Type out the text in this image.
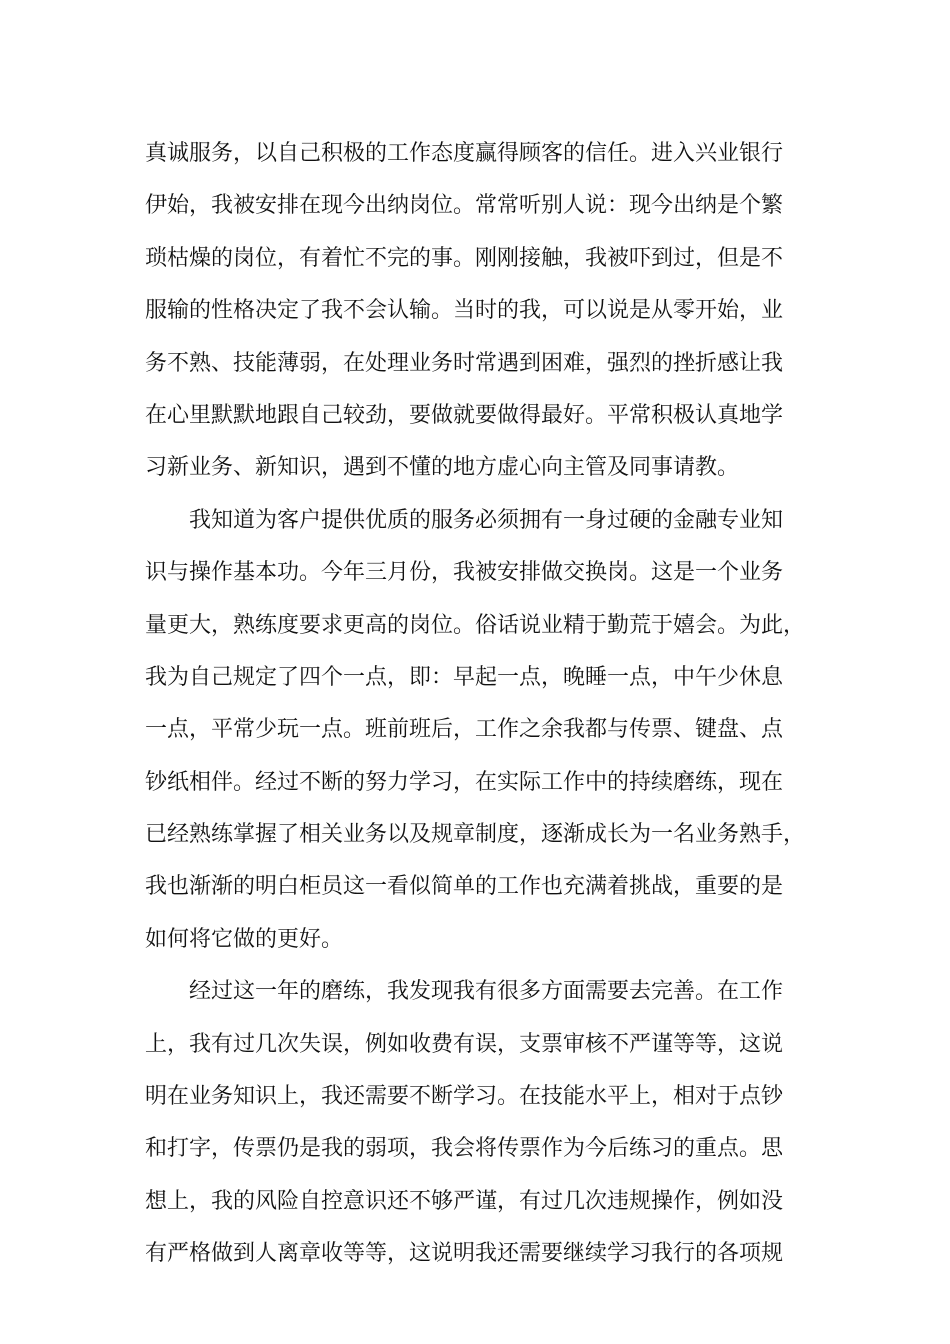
真诚服务，以自己积极的工作态度赢得顾客的信任。进入兴业银行
伊始，我被安排在现今出纳岗位。常常听别人说：现今出纳是个繁
琐枯燥的岗位，有着忙不完的事。刚刚接触，我被吓到过，但是不
服输的性格决定了我不会认输。当时的我，可以说是从零开始，业
务不熟、技能薄弱，在处理业务时常遇到困难，强烈的挫折感让我
在心里默默地跟自己较劲，要做就要做得最好。平常积极认真地学
习新业务、新知识，遇到不懂的地方虚心向主管及同事请教。
我知道为客户提供优质的服务必须拥有一身过硬的金融专业知
识与操作基本功。今年三月份，我被安排做交换岗。这是一个业务
量更大，熟练度要求更高的岗位。俗话说业精于勤荒于嬉会。为此，
我为自己规定了四个一点，即：早起一点，晚睡一点，中午少休息
一点，平常少玩一点。班前班后，工作之余我都与传票、键盘、点
钞纸相伴。经过不断的努力学习，在实际工作中的持续磨练，现在
已经熟练掌握了相关业务以及规章制度，逐渐成长为一名业务熟手，
我也渐渐的明白柜员这一看似简单的工作也充满着挑战，重要的是
如何将它做的更好。
经过这一年的磨练，我发现我有很多方面需要去完善。在工作
上，我有过几次失误，例如收费有误，支票审核不严谨等等，这说
明在业务知识上，我还需要不断学习。在技能水平上，相对于点钞
和打字，传票仍是我的弱项，我会将传票作为今后练习的重点。思
想上，我的风险自控意识还不够严谨，有过几次违规操作，例如没
有严格做到人离章收等等，这说明我还需要继续学习我行的各项规
